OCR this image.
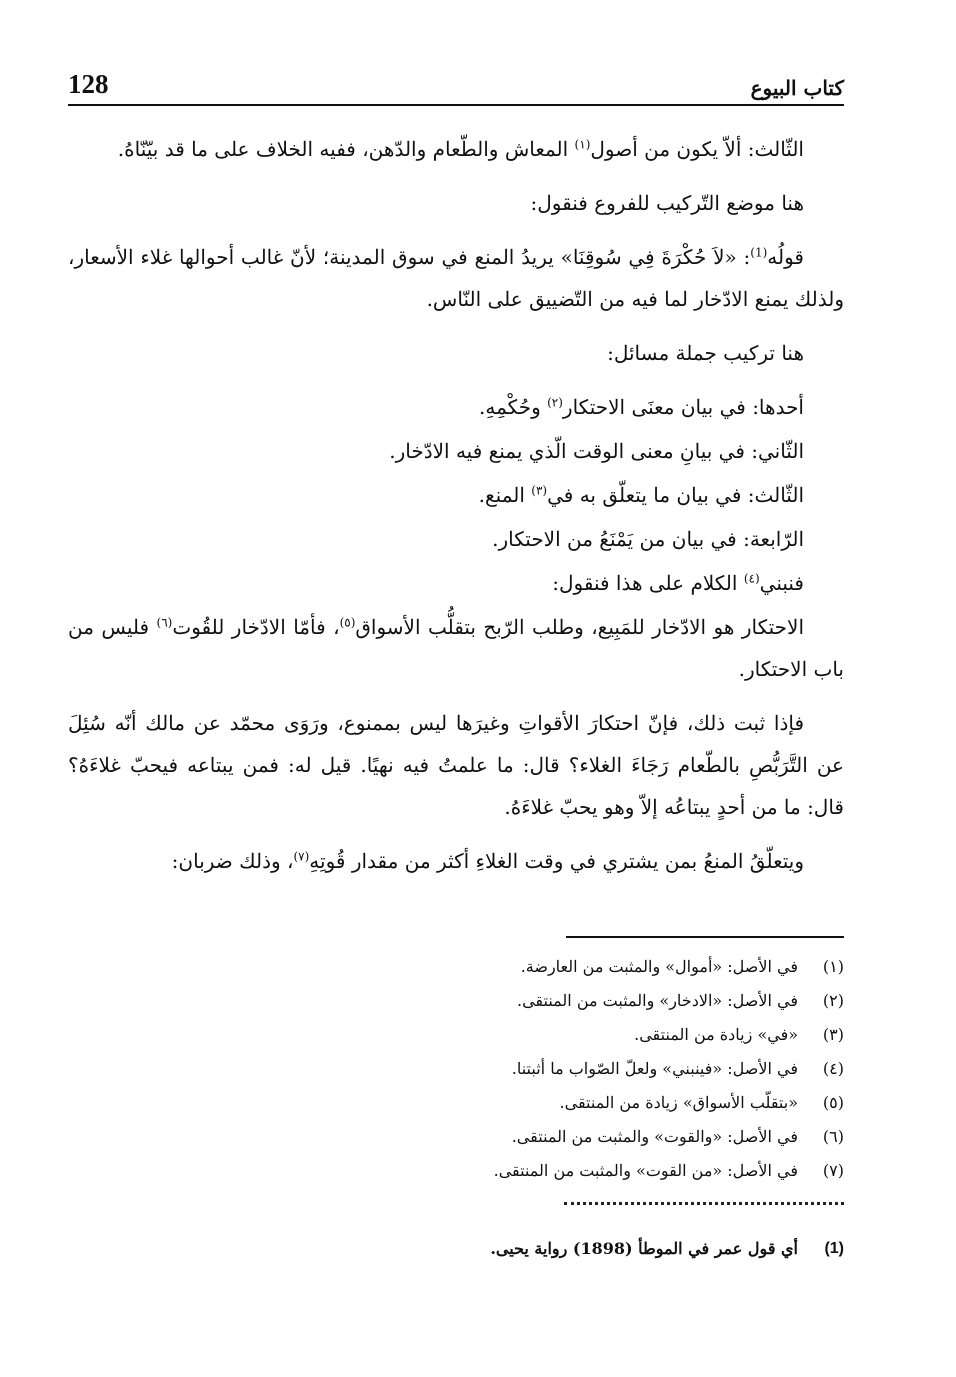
كتاب البيوع
128

الثّالث: ألاّ يكون من أصول$^{(١)}$ المعاش والطّعام والدّهن، ففيه الخلاف على ما قد بيّنّاهُ.

هنا موضع التّركيب للفروع فنقول:

قولُه$^{(1)}$: «لاَ حُكْرَةَ فِي سُوقِنَا» يريدُ المنع في سوق المدينة؛ لأنّ غالب أحوالها غلاء الأسعار، ولذلك يمنع الادّخار لما فيه من التّضييق على النّاس.

هنا تركيب جملة مسائل:

أحدها: في بيان معنَى الاحتكار$^{(٢)}$ وحُكْمِهِ.

الثّاني: في بيانِ معنى الوقت الّذي يمنع فيه الادّخار.

الثّالث: في بيان ما يتعلّق به في$^{(٣)}$ المنع.

الرّابعة: في بيان من يَمْنَعُ من الاحتكار.

فنبني$^{(٤)}$ الكلام على هذا فنقول:

الاحتكار هو الادّخار للمَبِيع، وطلب الرّبح بتقلُّب الأسواق$^{(٥)}$، فأمّا الادّخار للقُوت$^{(٦)}$ فليس من باب الاحتكار.

فإذا ثبت ذلك، فإنّ احتكارَ الأقواتِ وغيرَها ليس بممنوع، ورَوَى محمّد عن مالك أنّه سُئِلَ عن التَّرَبُّصِ بالطّعام رَجَاءَ الغلاء؟ قال: ما علمتُ فيه نهيًا. قيل له: فمن يبتاعه فيحبّ غلاءَهُ؟ قال: ما من أحدٍ يبتاعُه إلاّ وهو يحبّ غلاءَهُ.

ويتعلّقُ المنعُ بمن يشتري في وقت الغلاءِ أكثر من مقدار قُوتِهِ$^{(٧)}$، وذلك ضربان:

(١)
في الأصل: «أموال» والمثبت من العارضة.
(٢)
في الأصل: «الادخار» والمثبت من المنتقى.
(٣)
«في» زيادة من المنتقى.
(٤)
في الأصل: «فينبني» ولعلّ الصّواب ما أثبتنا.
(٥)
«بتقلّب الأسواق» زيادة من المنتقى.
(٦)
في الأصل: «والقوت» والمثبت من المنتقى.
(٧)
في الأصل: «من القوت» والمثبت من المنتقى.
(1)
أي قول عمر في الموطأ (1898) رواية يحيى.
